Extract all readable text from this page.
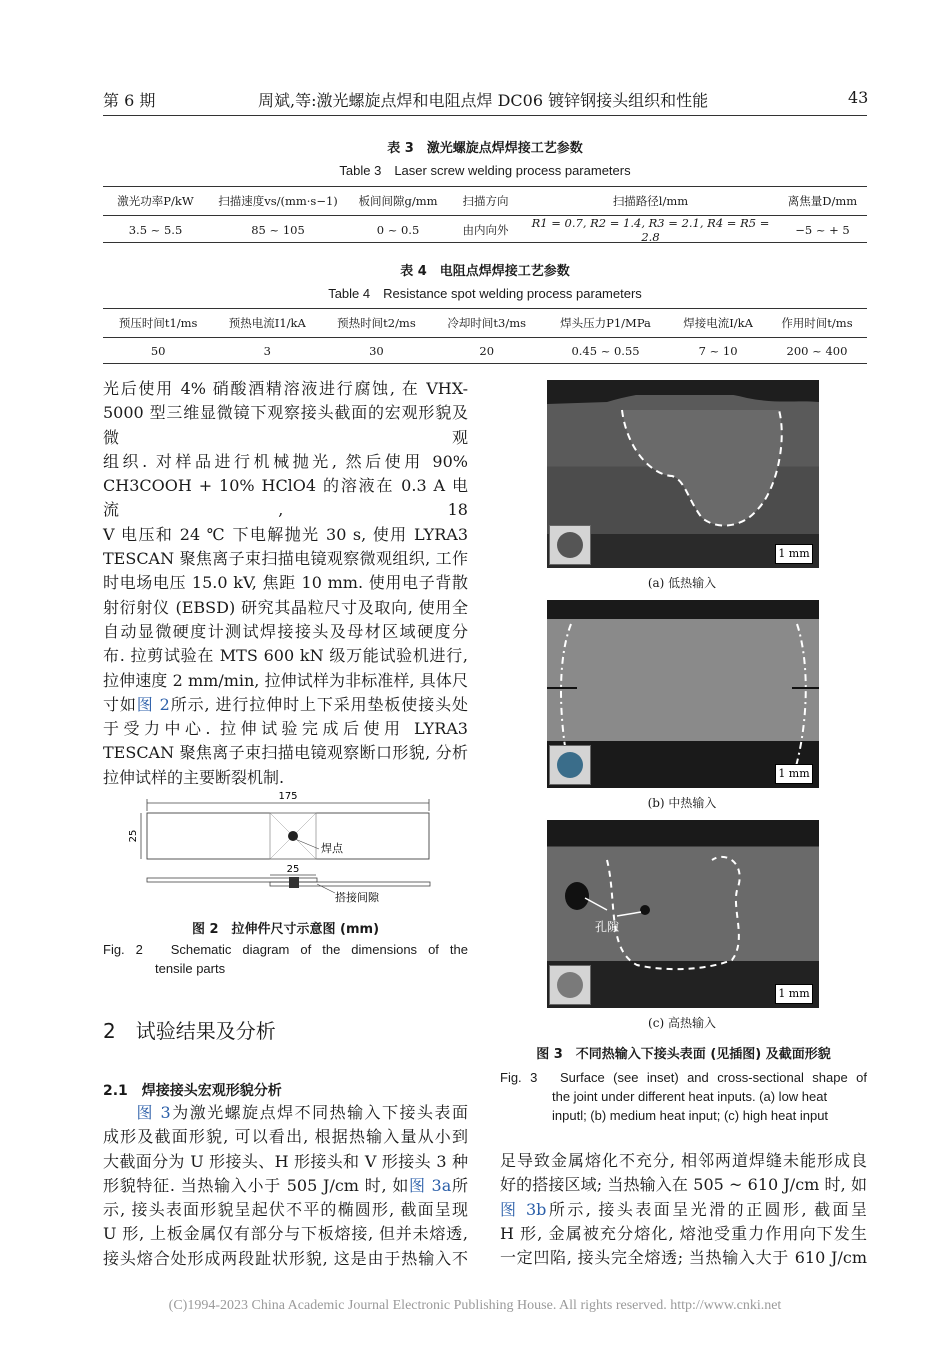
第 6 期	周斌,等:激光螺旋点焊和电阻点焊 DC06 镀锌钢接头组织和性能	43
表 3　激光螺旋点焊焊接工艺参数
Table 3　Laser screw welding process parameters
激光功率P/kW	扫描速度vs/(mm·s−1)	板间间隙g/mm	扫描方向	扫描路径l/mm	离焦量D/mm
3.5 ~ 5.5	85 ~ 105	0 ~ 0.5	由内向外	R1 = 0.7, R2 = 1.4, R3 = 2.1, R4 = R5 = 2.8	−5 ~ + 5
表 4　电阻点焊焊接工艺参数
Table 4　Resistance spot welding process parameters
预压时间t1/ms	预热电流I1/kA	预热时间t2/ms	冷却时间t3/ms	焊头压力P1/MPa	焊接电流I/kA	作用时间t/ms
50	3	30	20	0.45 ~ 0.55	7 ~ 10	200 ~ 400

光后使用 4% 硝酸酒精溶液进行腐蚀, 在 VHX-

5000 型三维显微镜下观察接头截面的宏观形貌及微观

组织. 对样品进行机械抛光, 然后使用 90%

CH3COOH + 10% HClO4 的溶液在 0.3 A 电流, 18

V 电压和 24 ℃ 下电解抛光 30 s, 使用 LYRA3

TESCAN 聚焦离子束扫描电镜观察微观组织, 工作

时电场电压 15.0 kV, 焦距 10 mm. 使用电子背散

射衍射仪 (EBSD) 研究其晶粒尺寸及取向, 使用全

自动显微硬度计测试焊接接头及母材区域硬度分

布. 拉剪试验在 MTS 600 kN 级万能试验机进行,

拉伸速度 2 mm/min, 拉伸试样为非标准样, 具体尺

寸如图 2所示, 进行拉伸时上下采用垫板使接头处

于受力中心. 拉伸试验完成后使用 LYRA3

TESCAN 聚焦离子束扫描电镜观察断口形貌, 分析

拉伸试样的主要断裂机制.

175
25
焊点
25
搭接间隙
图 2　拉伸件尺寸示意图 (mm)
Fig. 2　Schematic diagram of the dimensions of the
tensile parts
2　试验结果及分析
2.1　焊接接头宏观形貌分析

图 3为激光螺旋点焊不同热输入下接头表面

成形及截面形貌, 可以看出, 根据热输入量从小到

大截面分为 U 形接头、H 形接头和 V 形接头 3 种

形貌特征. 当热输入小于 505 J/cm 时, 如图 3a所

示, 接头表面形貌呈起伏不平的椭圆形, 截面呈现

U 形, 上板金属仅有部分与下板熔接, 但并未熔透,

接头熔合处形成两段趾状形貌, 这是由于热输入不

1 mm
(a) 低热输入
1 mm
(b) 中热输入
孔隙
1 mm
(c) 高热输入
图 3　不同热输入下接头表面 (见插图) 及截面形貌
Fig. 3　Surface (see inset) and cross-sectional shape of
the joint under different heat inputs. (a) low heat
inputl; (b) medium heat input; (c) high heat input

足导致金属熔化不充分, 相邻两道焊缝未能形成良

好的搭接区域; 当热输入在 505 ~ 610 J/cm 时, 如

图 3b所示, 接头表面呈光滑的正圆形, 截面呈

H 形, 金属被充分熔化, 熔池受重力作用向下发生

一定凹陷, 接头完全熔透; 当热输入大于 610 J/cm

(C)1994-2023 China Academic Journal Electronic Publishing House. All rights reserved. http://www.cnki.net
